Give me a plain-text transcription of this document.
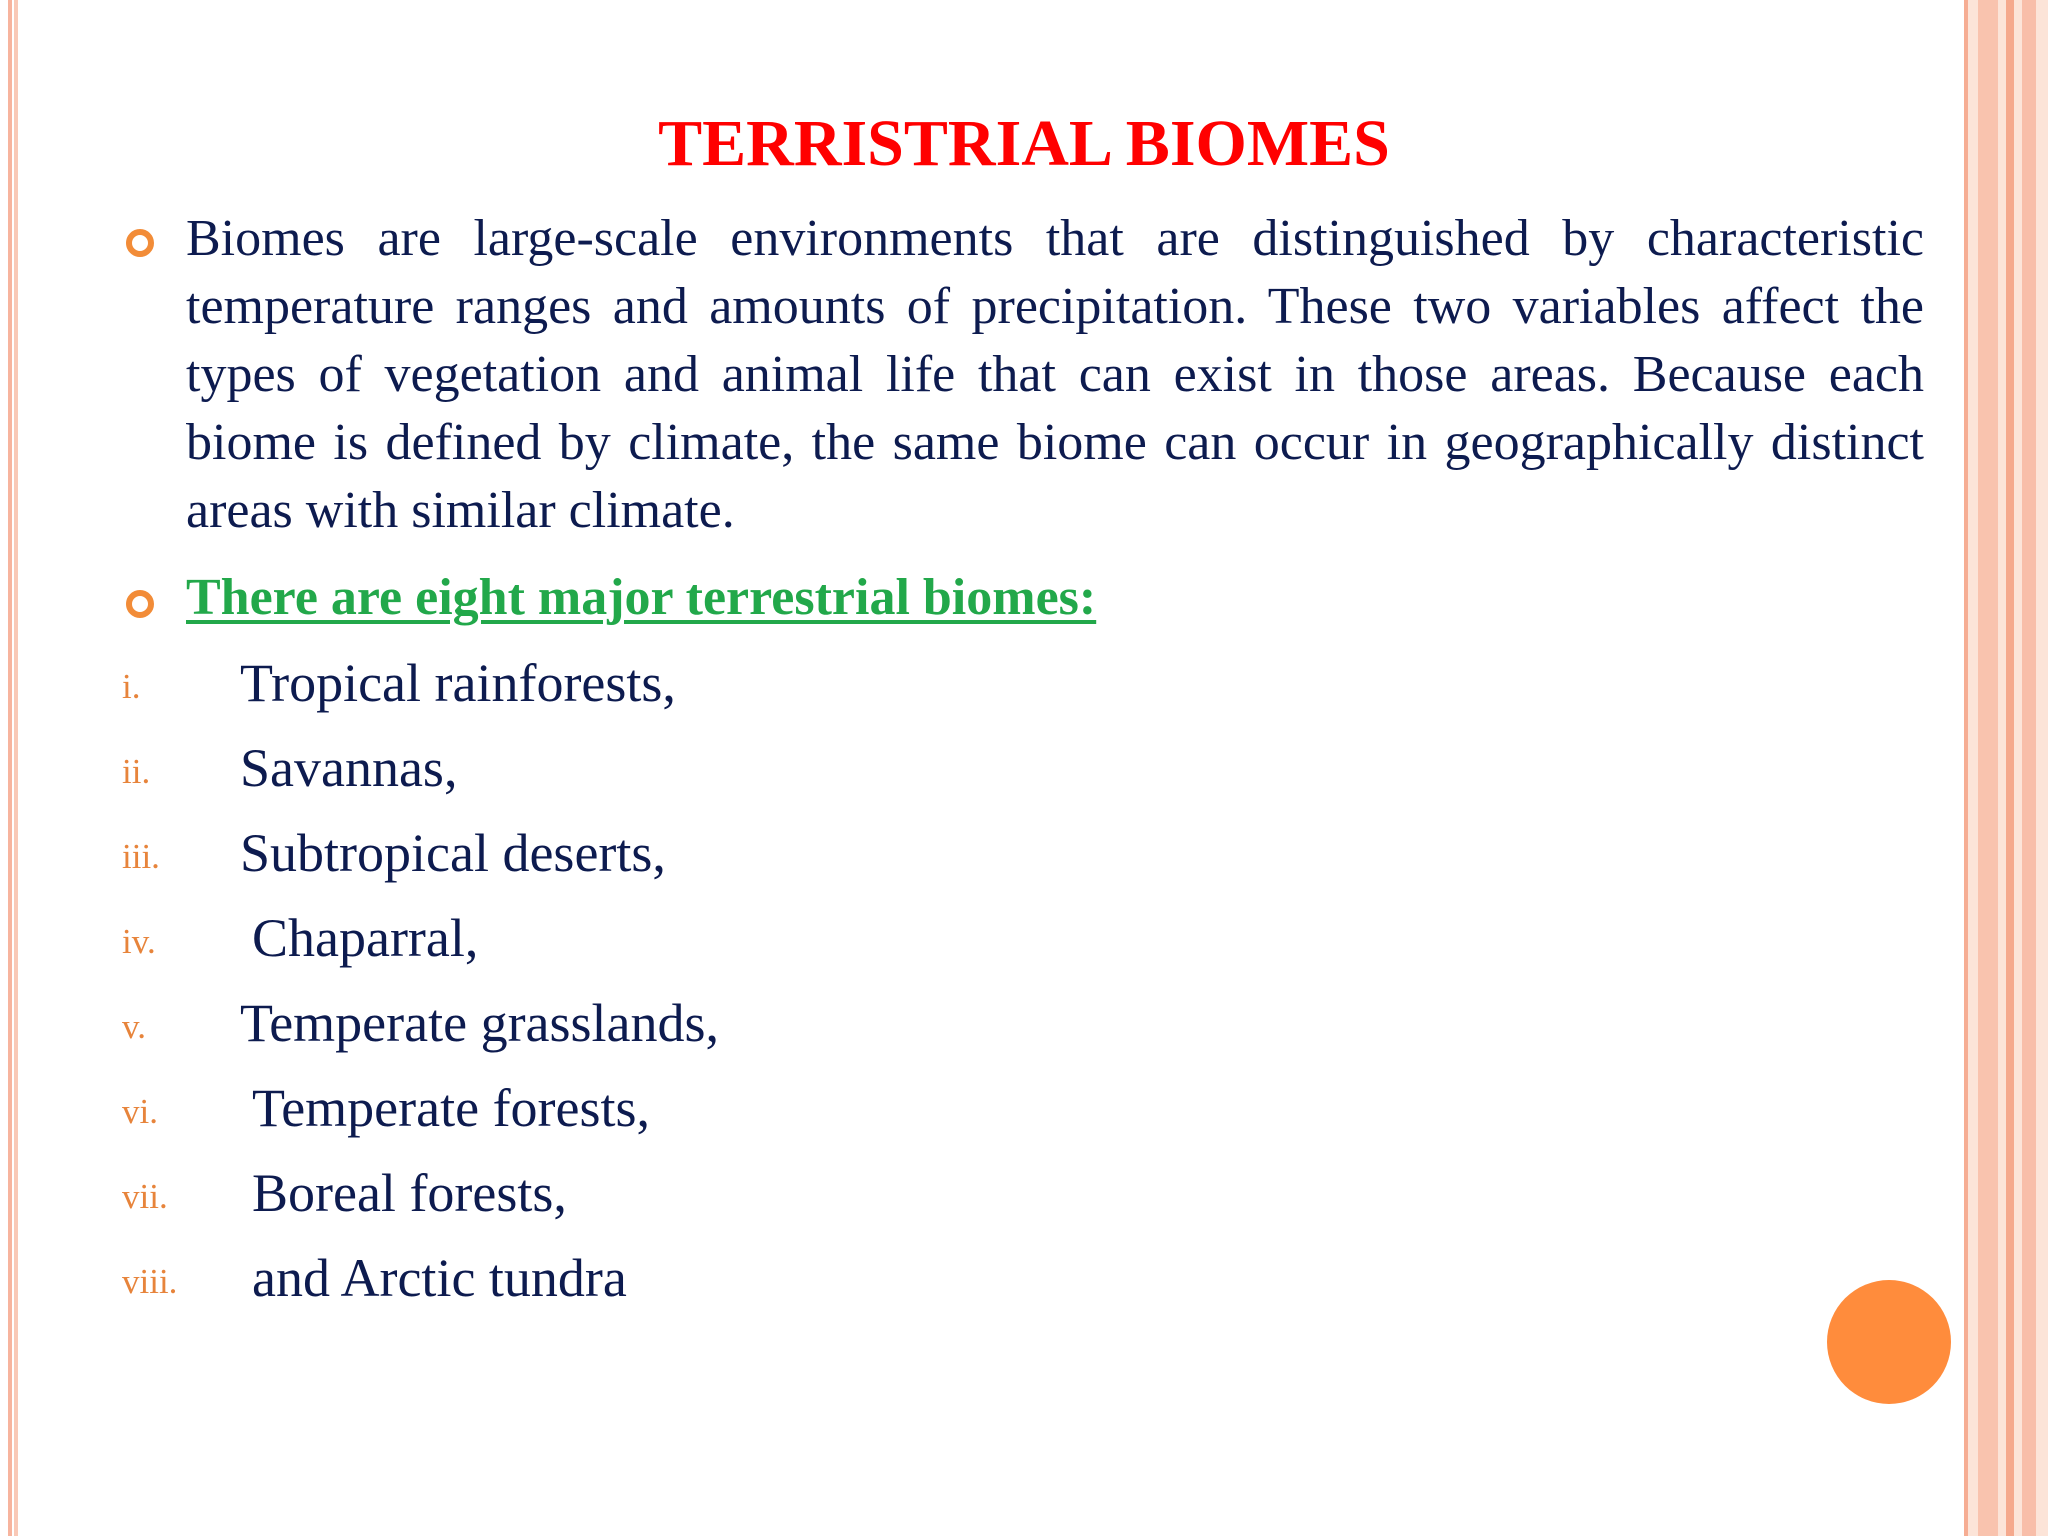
TERRISTRIAL BIOMES

Biomes are large-scale environments that are distinguished by characteristic temperature ranges and amounts of precipitation. These two variables affect the types of vegetation and animal life that can exist in those areas. Because each biome is defined by climate, the same biome can occur in geographically distinct areas with similar climate.

There are eight major terrestrial biomes:

i. Tropical rainforests,
ii. Savannas,
iii. Subtropical deserts,
iv. Chaparral,
v. Temperate grasslands,
vi. Temperate forests,
vii. Boreal forests,
viii. and Arctic tundra
